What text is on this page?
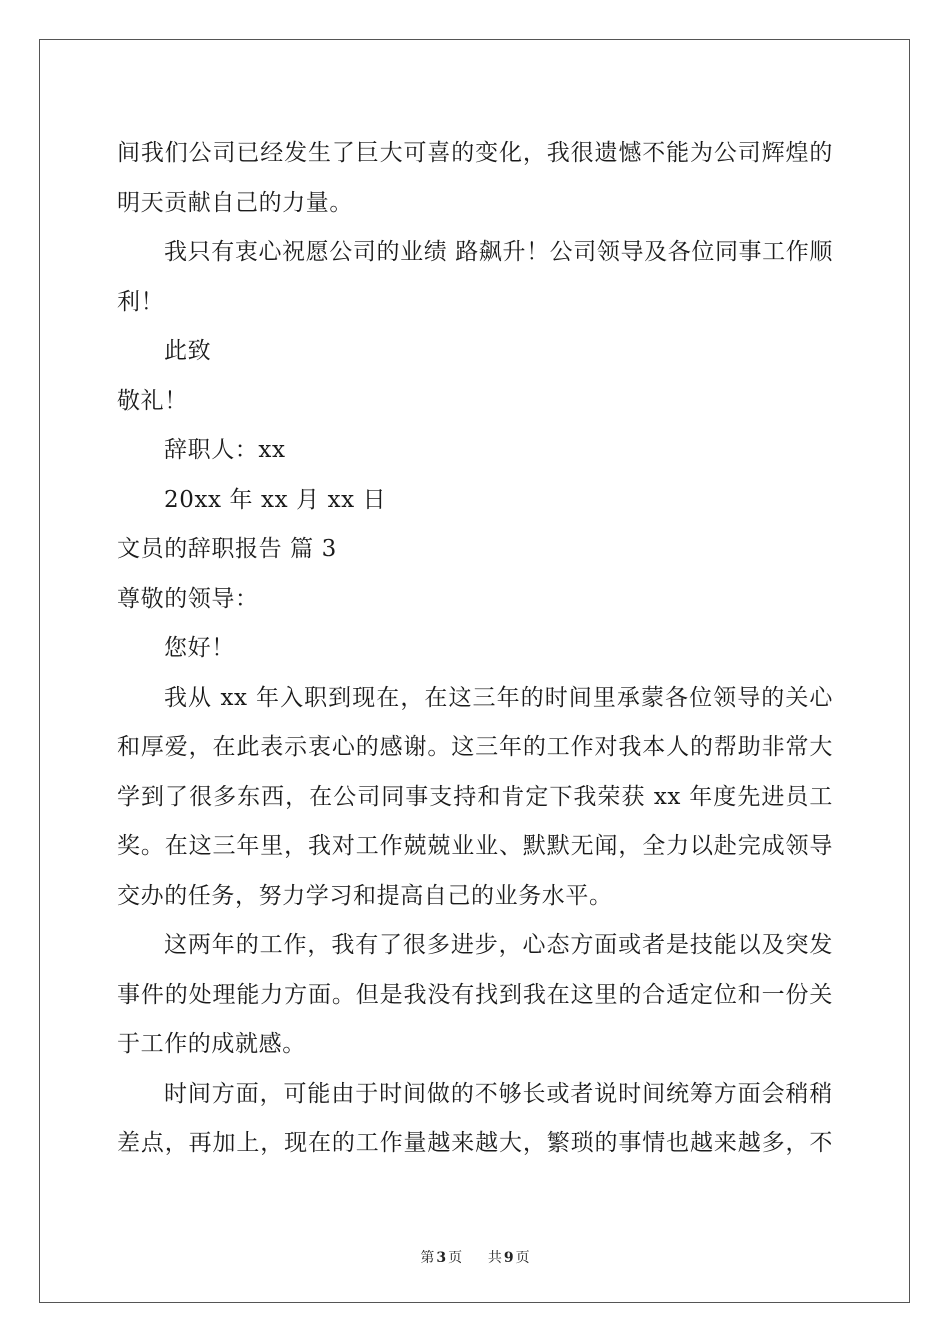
间我们公司已经发生了巨大可喜的变化，我很遗憾不能为公司辉煌的
明天贡献自己的力量。
我只有衷心祝愿公司的业绩 路飙升！公司领导及各位同事工作顺
利！
此致
敬礼！
辞职人：xx
20xx 年 xx 月 xx 日
文员的辞职报告 篇 3
尊敬的领导：
您好！
我从 xx 年入职到现在，在这三年的时间里承蒙各位领导的关心
和厚爱，在此表示衷心的感谢。这三年的工作对我本人的帮助非常大
学到了很多东西，在公司同事支持和肯定下我荣获 xx 年度先进员工
奖。在这三年里，我对工作兢兢业业、默默无闻，全力以赴完成领导
交办的任务，努力学习和提高自己的业务水平。
这两年的工作，我有了很多进步，心态方面或者是技能以及突发
事件的处理能力方面。但是我没有找到我在这里的合适定位和一份关
于工作的成就感。
时间方面，可能由于时间做的不够长或者说时间统筹方面会稍稍
差点，再加上，现在的工作量越来越大，繁琐的事情也越来越多，不
第 3 页 共 9 页
